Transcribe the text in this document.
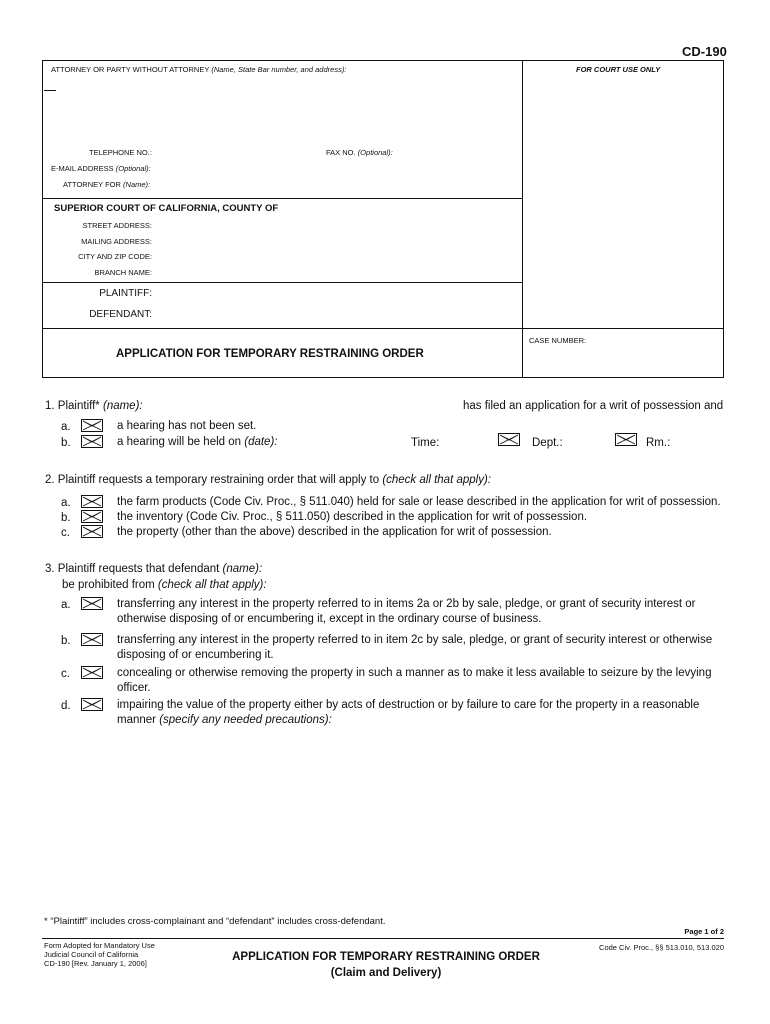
CD-190
ATTORNEY OR PARTY WITHOUT ATTORNEY (Name, State Bar number, and address):	FOR COURT USE ONLY
TELEPHONE NO.:	FAX NO. (Optional):
E-MAIL ADDRESS (Optional):
ATTORNEY FOR (Name):
SUPERIOR COURT OF CALIFORNIA, COUNTY OF
STREET ADDRESS:
MAILING ADDRESS:
CITY AND ZIP CODE:
BRANCH NAME:
PLAINTIFF:
DEFENDANT:
CASE NUMBER:
APPLICATION FOR TEMPORARY RESTRAINING ORDER
1. Plaintiff* (name):	has filed an application for a writ of possession and
a.	a hearing has not been set.
b.	a hearing will be held on (date):	Time:	Dept.:	Rm.:
2. Plaintiff requests a temporary restraining order that will apply to (check all that apply):
a.	the farm products (Code Civ. Proc., § 511.040) held for sale or lease described in the application for writ of possession.
b.	the inventory (Code Civ. Proc., § 511.050) described in the application for writ of possession.
c.	the property (other than the above) described in the application for writ of possession.
3. Plaintiff requests that defendant (name):
be prohibited from (check all that apply):
a.	transferring any interest in the property referred to in items 2a or 2b by sale, pledge, or grant of security interest or
otherwise disposing of or encumbering it, except in the ordinary course of business.
b.	transferring any interest in the property referred to in item 2c by sale, pledge, or grant of security interest or otherwise
disposing of or encumbering it.
c.	concealing or otherwise removing the property in such a manner as to make it less available to seizure by the levying
officer.
d.	impairing the value of the property either by acts of destruction or by failure to care for the property in a reasonable
manner (specify any needed precautions):
* “Plaintiff” includes cross-complainant and “defendant” includes cross-defendant.
Page 1 of 2
Form Adopted for Mandatory Use
Judicial Council of California
CD-190 [Rev. January 1, 2006]
APPLICATION FOR TEMPORARY RESTRAINING ORDER
(Claim and Delivery)
Code Civ. Proc., §§ 513.010, 513.020
